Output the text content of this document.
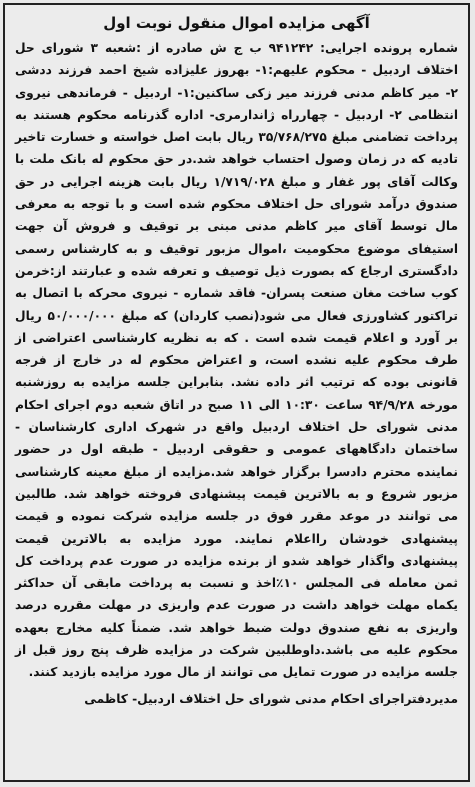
آگهی مزایده اموال منقول نوبت اول
شماره پرونده اجرایی: ۹۴۱۲۴۲ ب ج ش صادره از :شعبه ۳ شورای حل اختلاف اردبیل - محکوم علیهم:۱- بهروز علیزاده شیخ احمد فرزند ددشی ۲- میر کاظم مدنی فرزند میر زکی ساکنین:۱- اردبیل - فرماندهی نیروی انتظامی ۲- اردبیل - چهارراه ژاندارمری- اداره گذرنامه محکوم هستند به پرداخت تضامنی مبلغ ۳۵/۷۶۸/۲۷۵ ریال بابت اصل خواسته و خسارت تاخیر تادیه که در زمان وصول احتساب خواهد شد.در حق محکوم له بانک ملت با وکالت آقای پور غفار و مبلغ ۱/۷۱۹/۰۲۸ ریال بابت هزینه اجرایی در حق صندوق درآمد شورای حل اختلاف محکوم شده است و با توجه به معرفی مال توسط آقای میر کاظم مدنی مبنی بر توقیف و فروش آن جهت استیفای موضوع محکومیت ،اموال مزبور توقیف و به کارشناس رسمی دادگستری ارجاع که بصورت ذیل توصیف و تعرفه شده و عبارتند از:خرمن کوب ساخت مغان صنعت پسران- فاقد شماره - نیروی محرکه با اتصال به تراکتور کشاورزی فعال می شود(نصب کاردان) که مبلغ ۵۰/۰۰۰/۰۰۰ ریال بر آورد و اعلام قیمت شده است . که به نظریه کارشناسی اعتراضی از طرف محکوم علیه نشده است، و اعتراض محکوم له در خارج از فرجه قانونی بوده که ترتیب اثر داده نشد. بنابراین جلسه مزایده به روزشنبه مورخه ۹۴/۹/۲۸ ساعت ۱۰:۳۰ الی ۱۱ صبح در اتاق شعبه دوم اجرای احکام مدنی شورای حل اختلاف اردبیل واقع در شهرک اداری کارشناسان - ساختمان دادگاههای عمومی و حقوقی اردبیل - طبقه اول در حضور نماینده محترم دادسرا برگزار خواهد شد.مزایده از مبلغ معینه کارشناسی مزبور شروع و به بالاترین قیمت پیشنهادی فروخته خواهد شد. طالبین می توانند در موعد مقرر فوق در جلسه مزایده شرکت نموده و قیمت پیشنهادی خودشان رااعلام نمایند. مورد مزایده به بالاترین قیمت پیشنهادی واگذار خواهد شدو از برنده مزایده در صورت عدم پرداخت کل ثمن معامله فی المجلس ۱۰٪اخذ و نسبت به پرداخت مابقی آن حداکثر یکماه مهلت خواهد داشت در صورت عدم واریزی در مهلت مقرره درصد واریزی به نفع صندوق دولت ضبط خواهد شد. ضمناً کلیه مخارج بعهده محکوم علیه می باشد.داوطلبین شرکت در مزایده ظرف پنج روز قبل از جلسه مزایده در صورت تمایل می توانند از مال مورد مزایده بازدید کنند.
مدیردفتراجرای احکام مدنی شورای حل اختلاف اردبیل- کاظمی
